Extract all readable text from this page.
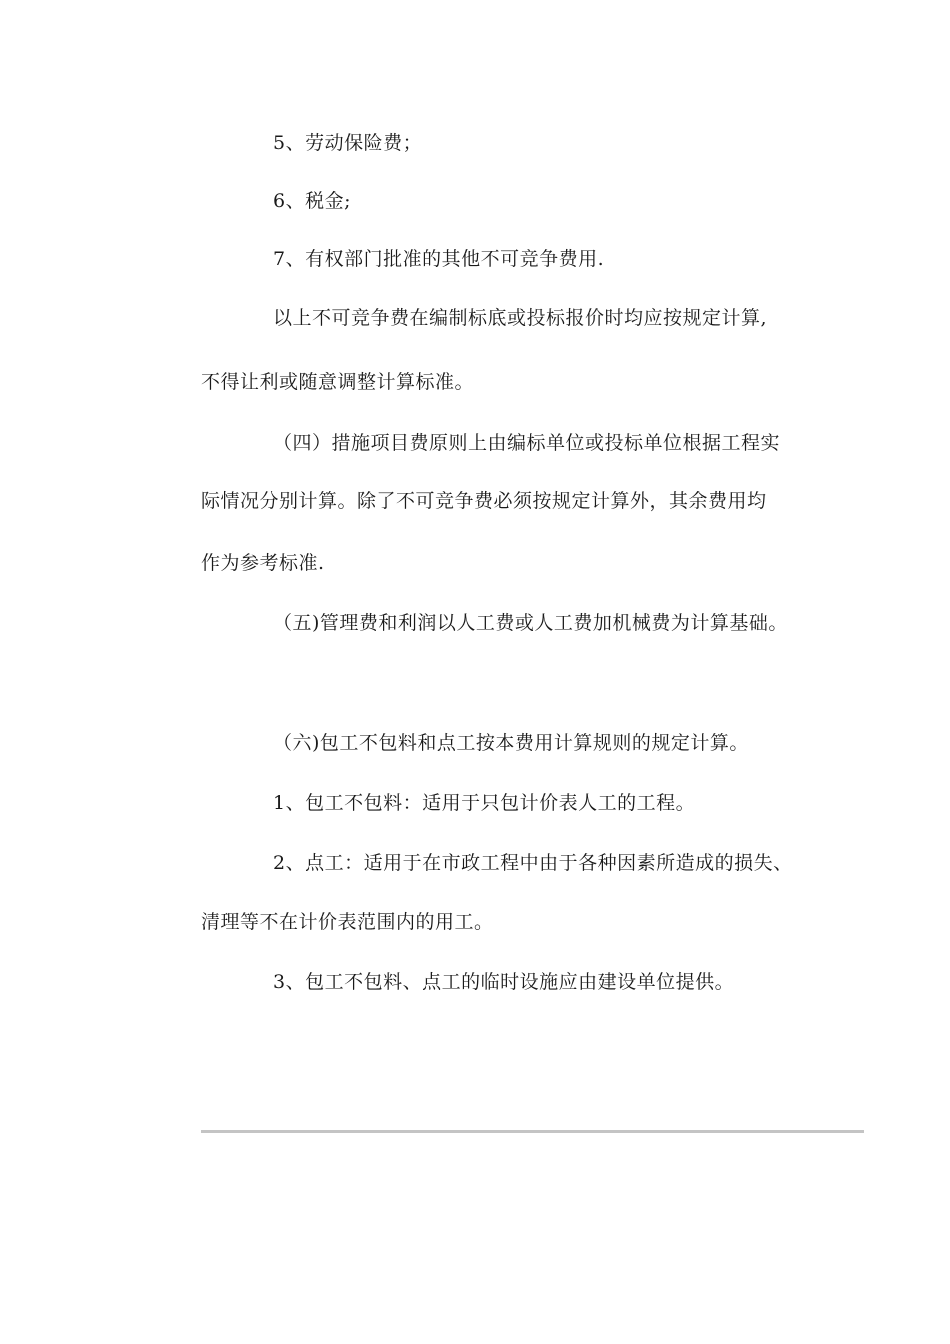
5、劳动保险费；
6、税金;
7、有权部门批准的其他不可竞争费用.
以上不可竞争费在编制标底或投标报价时均应按规定计算,
不得让利或随意调整计算标准。
（四）措施项目费原则上由编标单位或投标单位根据工程实
际情况分别计算。除了不可竞争费必须按规定计算外，其余费用均
作为参考标准.
（五)管理费和利润以人工费或人工费加机械费为计算基础。
（六)包工不包料和点工按本费用计算规则的规定计算。
1、包工不包料：适用于只包计价表人工的工程。
2、点工：适用于在市政工程中由于各种因素所造成的损失、
清理等不在计价表范围内的用工。
3、包工不包料、点工的临时设施应由建设单位提供。
